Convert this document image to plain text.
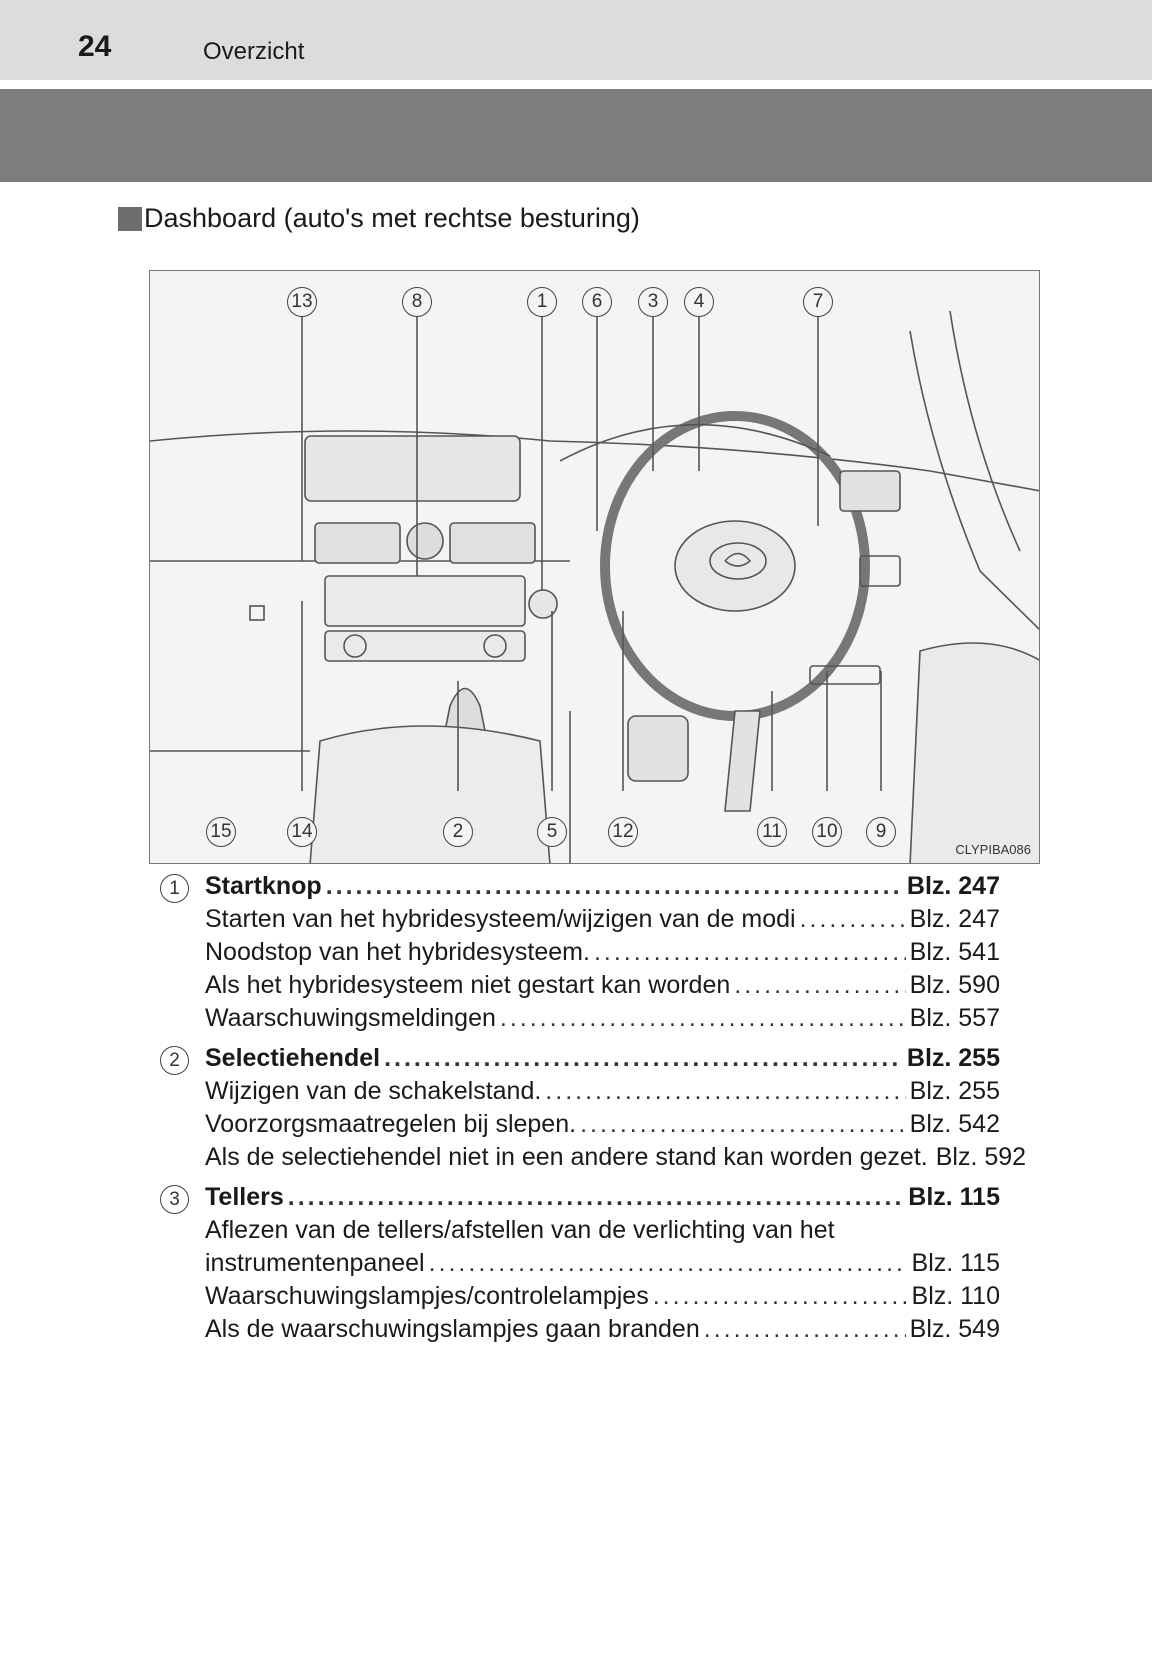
24	Overzicht
Dashboard (auto's met rechtse besturing)
13	8	1	6	3	4	7
15	14	2	5	12	11 10	9
CLYPIBA086
1	Startknop .....	Blz. 247
Starten van het hybridesysteem/wijzigen van de modi .....	Blz. 247
Noodstop van het hybridesysteem. .....	Blz. 541
Als het hybridesysteem niet gestart kan worden .....	Blz. 590
Waarschuwingsmeldingen .....	Blz. 557
2	Selectiehendel .....	Blz. 255
Wijzigen van de schakelstand. .....	Blz. 255
Voorzorgsmaatregelen bij slepen. .....	Blz. 542
Als de selectiehendel niet in een andere stand kan worden gezet. Blz. 592
3	Tellers .....	Blz. 115
Aflezen van de tellers/afstellen van de verlichting van het
instrumentenpaneel .....	Blz. 115
Waarschuwingslampjes/controlelampjes .....	Blz. 110
Als de waarschuwingslampjes gaan branden .....	Blz. 549
